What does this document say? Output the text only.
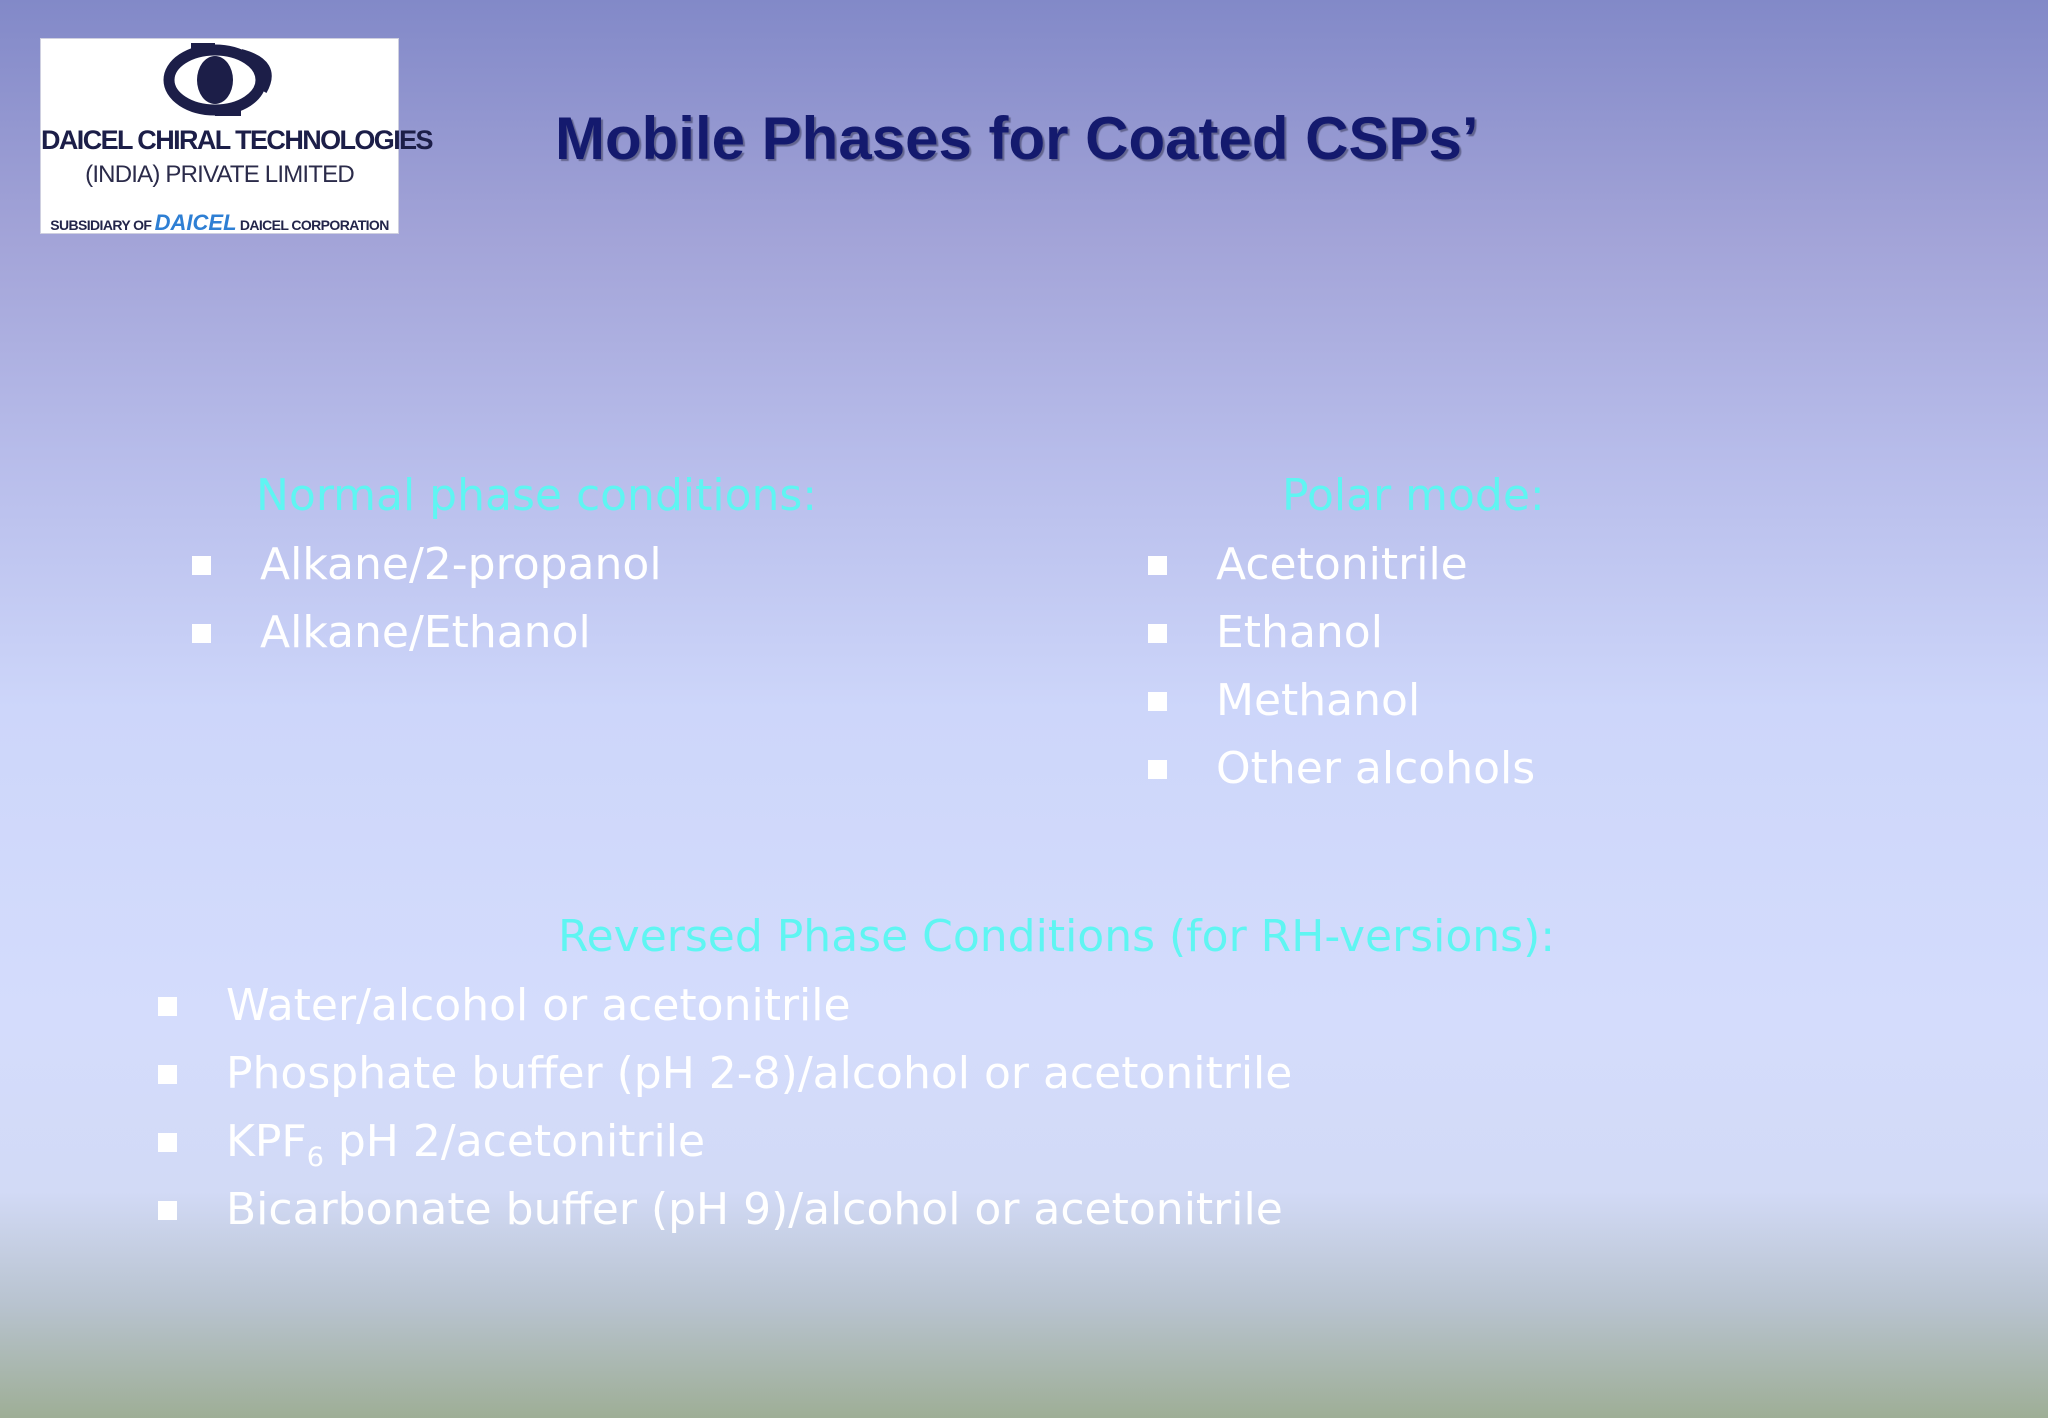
DAICEL CHIRAL TECHNOLOGIES
(INDIA) PRIVATE LIMITED
SUBSIDIARY OF DAICEL DAICEL CORPORATION
Mobile Phases for Coated CSPs’
Normal phase conditions:
Alkane/2-propanol
Alkane/Ethanol
Polar mode:
Acetonitrile
Ethanol
Methanol
Other alcohols
Reversed Phase Conditions (for RH-versions):
Water/alcohol or acetonitrile
Phosphate buffer (pH 2-8)/alcohol or acetonitrile
$KPF_6$ pH 2/acetonitrile
Bicarbonate buffer (pH 9)/alcohol or acetonitrile
